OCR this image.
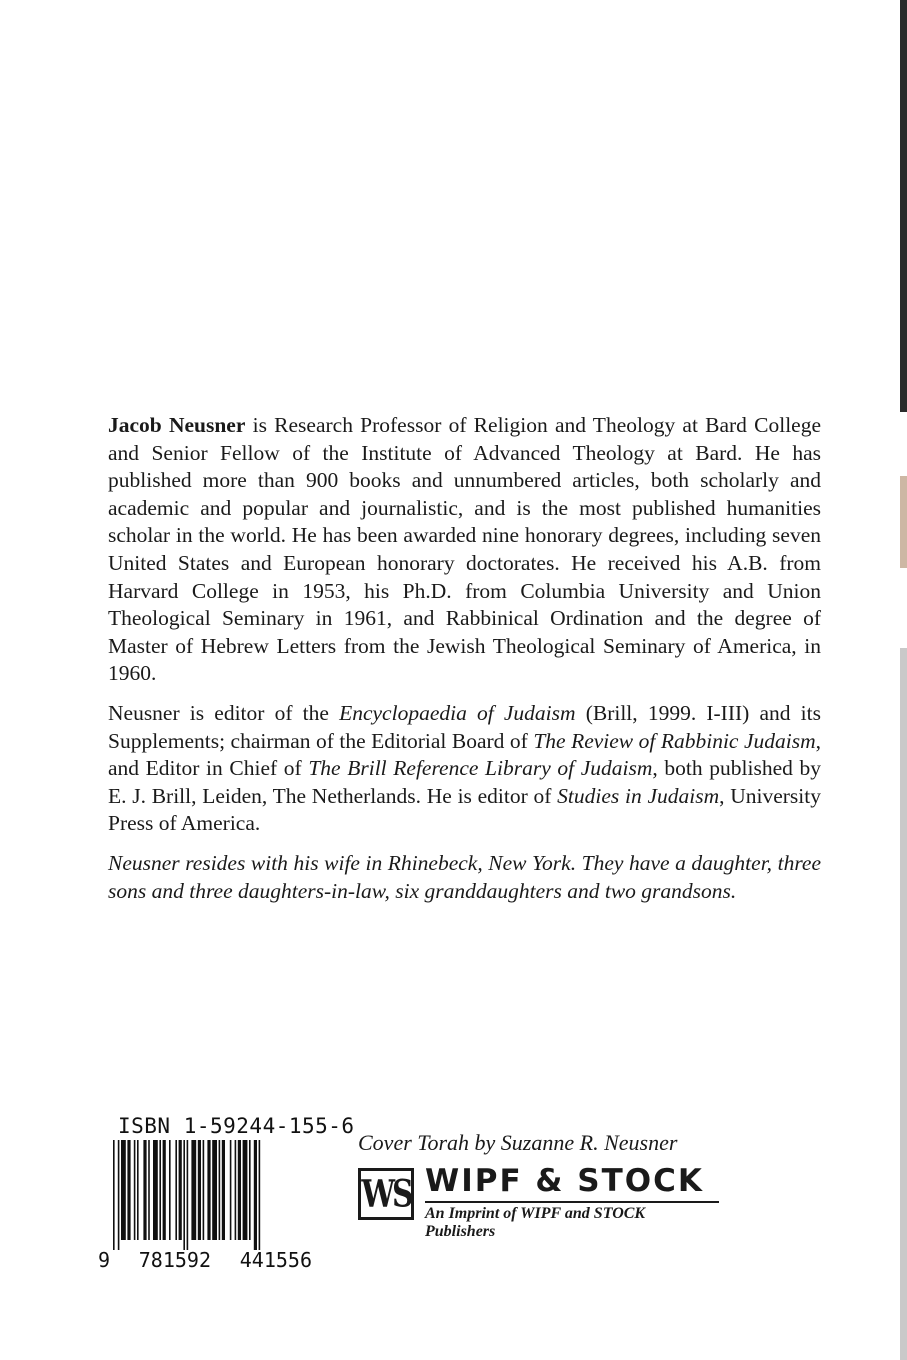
Jacob Neusner is Research Professor of Religion and Theology at Bard College and Senior Fellow of the Institute of Advanced Theology at Bard. He has published more than 900 books and unnumbered articles, both scholarly and academic and popular and journalistic, and is the most published humanities scholar in the world. He has been awarded nine honorary degrees, including seven United States and European honorary doctorates. He received his A.B. from Harvard College in 1953, his Ph.D. from Columbia University and Union Theological Seminary in 1961, and Rabbinical Ordination and the degree of Master of Hebrew Letters from the Jewish Theological Seminary of America, in 1960.

Neusner is editor of the Encyclopaedia of Judaism (Brill, 1999. I-III) and its Supplements; chairman of the Editorial Board of The Review of Rabbinic Judaism, and Editor in Chief of The Brill Reference Library of Judaism, both published by E. J. Brill, Leiden, The Netherlands. He is editor of Studies in Judaism, University Press of America.

Neusner resides with his wife in Rhinebeck, New York. They have a daughter, three sons and three daughters-in-law, six granddaughters and two grandsons.

ISBN 1-59244-155-6
9 781592 441556
Cover Torah by Suzanne R. Neusner
WS WIPF & STOCK
An Imprint of WIPF and STOCK Publishers
